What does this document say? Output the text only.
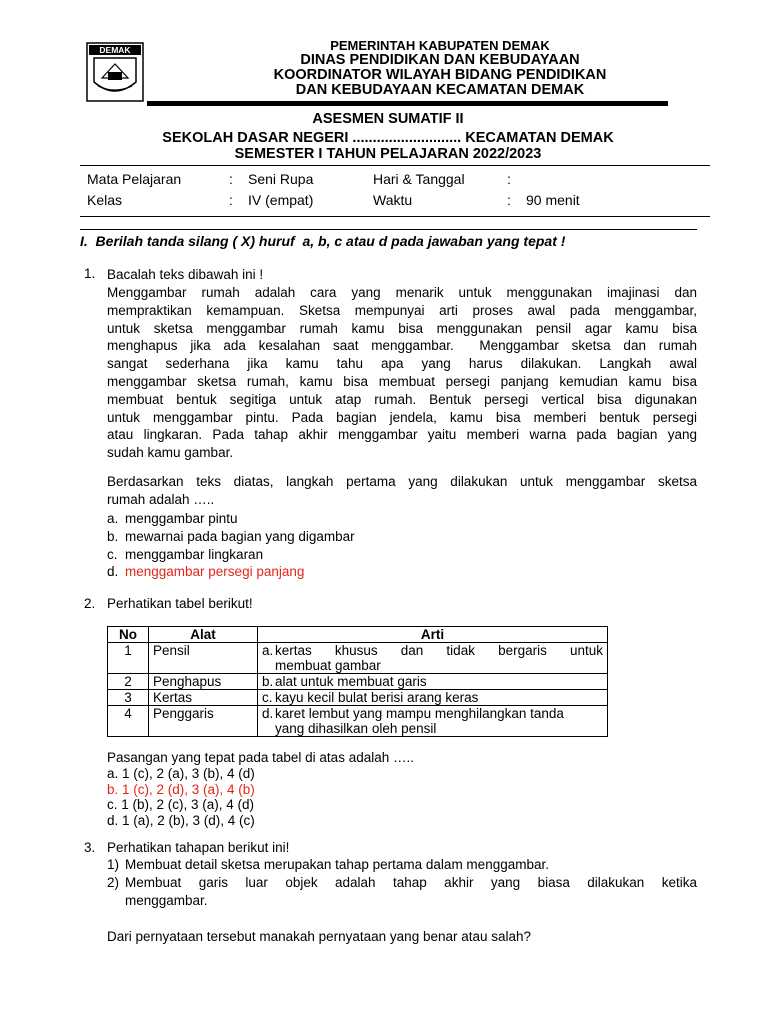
DEMAK	PEMERINTAH KABUPATEN DEMAK
DINAS PENDIDIKAN DAN KEBUDAYAAN
KOORDINATOR WILAYAH BIDANG PENDIDIKAN
DAN KEBUDAYAAN KECAMATAN DEMAK
ASESMEN SUMATIF II
SEKOLAH DASAR NEGERI ........................... KECAMATAN DEMAK
SEMESTER I TAHUN PELAJARAN 2022/2023
Mata Pelajaran	: Seni Rupa	Hari & Tanggal	:
Kelas	: IV (empat)	Waktu	: 90 menit
I.  Berilah tanda silang ( X) huruf  a, b, c atau d pada jawaban yang tepat !
1. Bacalah teks dibawah ini !
Menggambar rumah adalah cara yang menarik untuk menggunakan imajinasi dan
mempraktikan kemampuan. Sketsa mempunyai arti proses awal pada menggambar,
untuk sketsa menggambar rumah kamu bisa menggunakan pensil agar kamu bisa
menghapus jika ada kesalahan saat menggambar.  Menggambar sketsa dan rumah
sangat sederhana jika kamu tahu apa yang harus dilakukan. Langkah awal
menggambar sketsa rumah, kamu bisa membuat persegi panjang kemudian kamu bisa
membuat bentuk segitiga untuk atap rumah. Bentuk persegi vertical bisa digunakan
untuk menggambar pintu. Pada bagian jendela, kamu bisa memberi bentuk persegi
atau lingkaran. Pada tahap akhir menggambar yaitu memberi warna pada bagian yang
sudah kamu gambar.
Berdasarkan teks diatas, langkah pertama yang dilakukan untuk menggambar sketsa
rumah adalah …..
a. menggambar pintu
b. mewarnai pada bagian yang digambar
c. menggambar lingkaran
d. menggambar persegi panjang
2. Perhatikan tabel berikut!
No	Alat	Arti
1	Pensil	a. kertas   khusus   dan   tidak   bergaris   untuk
membuat gambar

2	Penghapus	b. alat untuk membuat garis

3	Kertas	c. kayu kecil bulat berisi arang keras

4	Penggaris	d. karet lembut yang mampu menghilangkan tanda
yang dihasilkan oleh pensil
Pasangan yang tepat pada tabel di atas adalah …..
a. 1 (c), 2 (a), 3 (b), 4 (d)
b. 1 (c), 2 (d), 3 (a), 4 (b)
c. 1 (b), 2 (c), 3 (a), 4 (d)
d. 1 (a), 2 (b), 3 (d), 4 (c)
3. Perhatikan tahapan berikut ini!
1) Membuat detail sketsa merupakan tahap pertama dalam menggambar.
2) Membuat  garis  luar  objek  adalah  tahap  akhir  yang  biasa  dilakukan  ketika
menggambar.
Dari pernyataan tersebut manakah pernyataan yang benar atau salah?
